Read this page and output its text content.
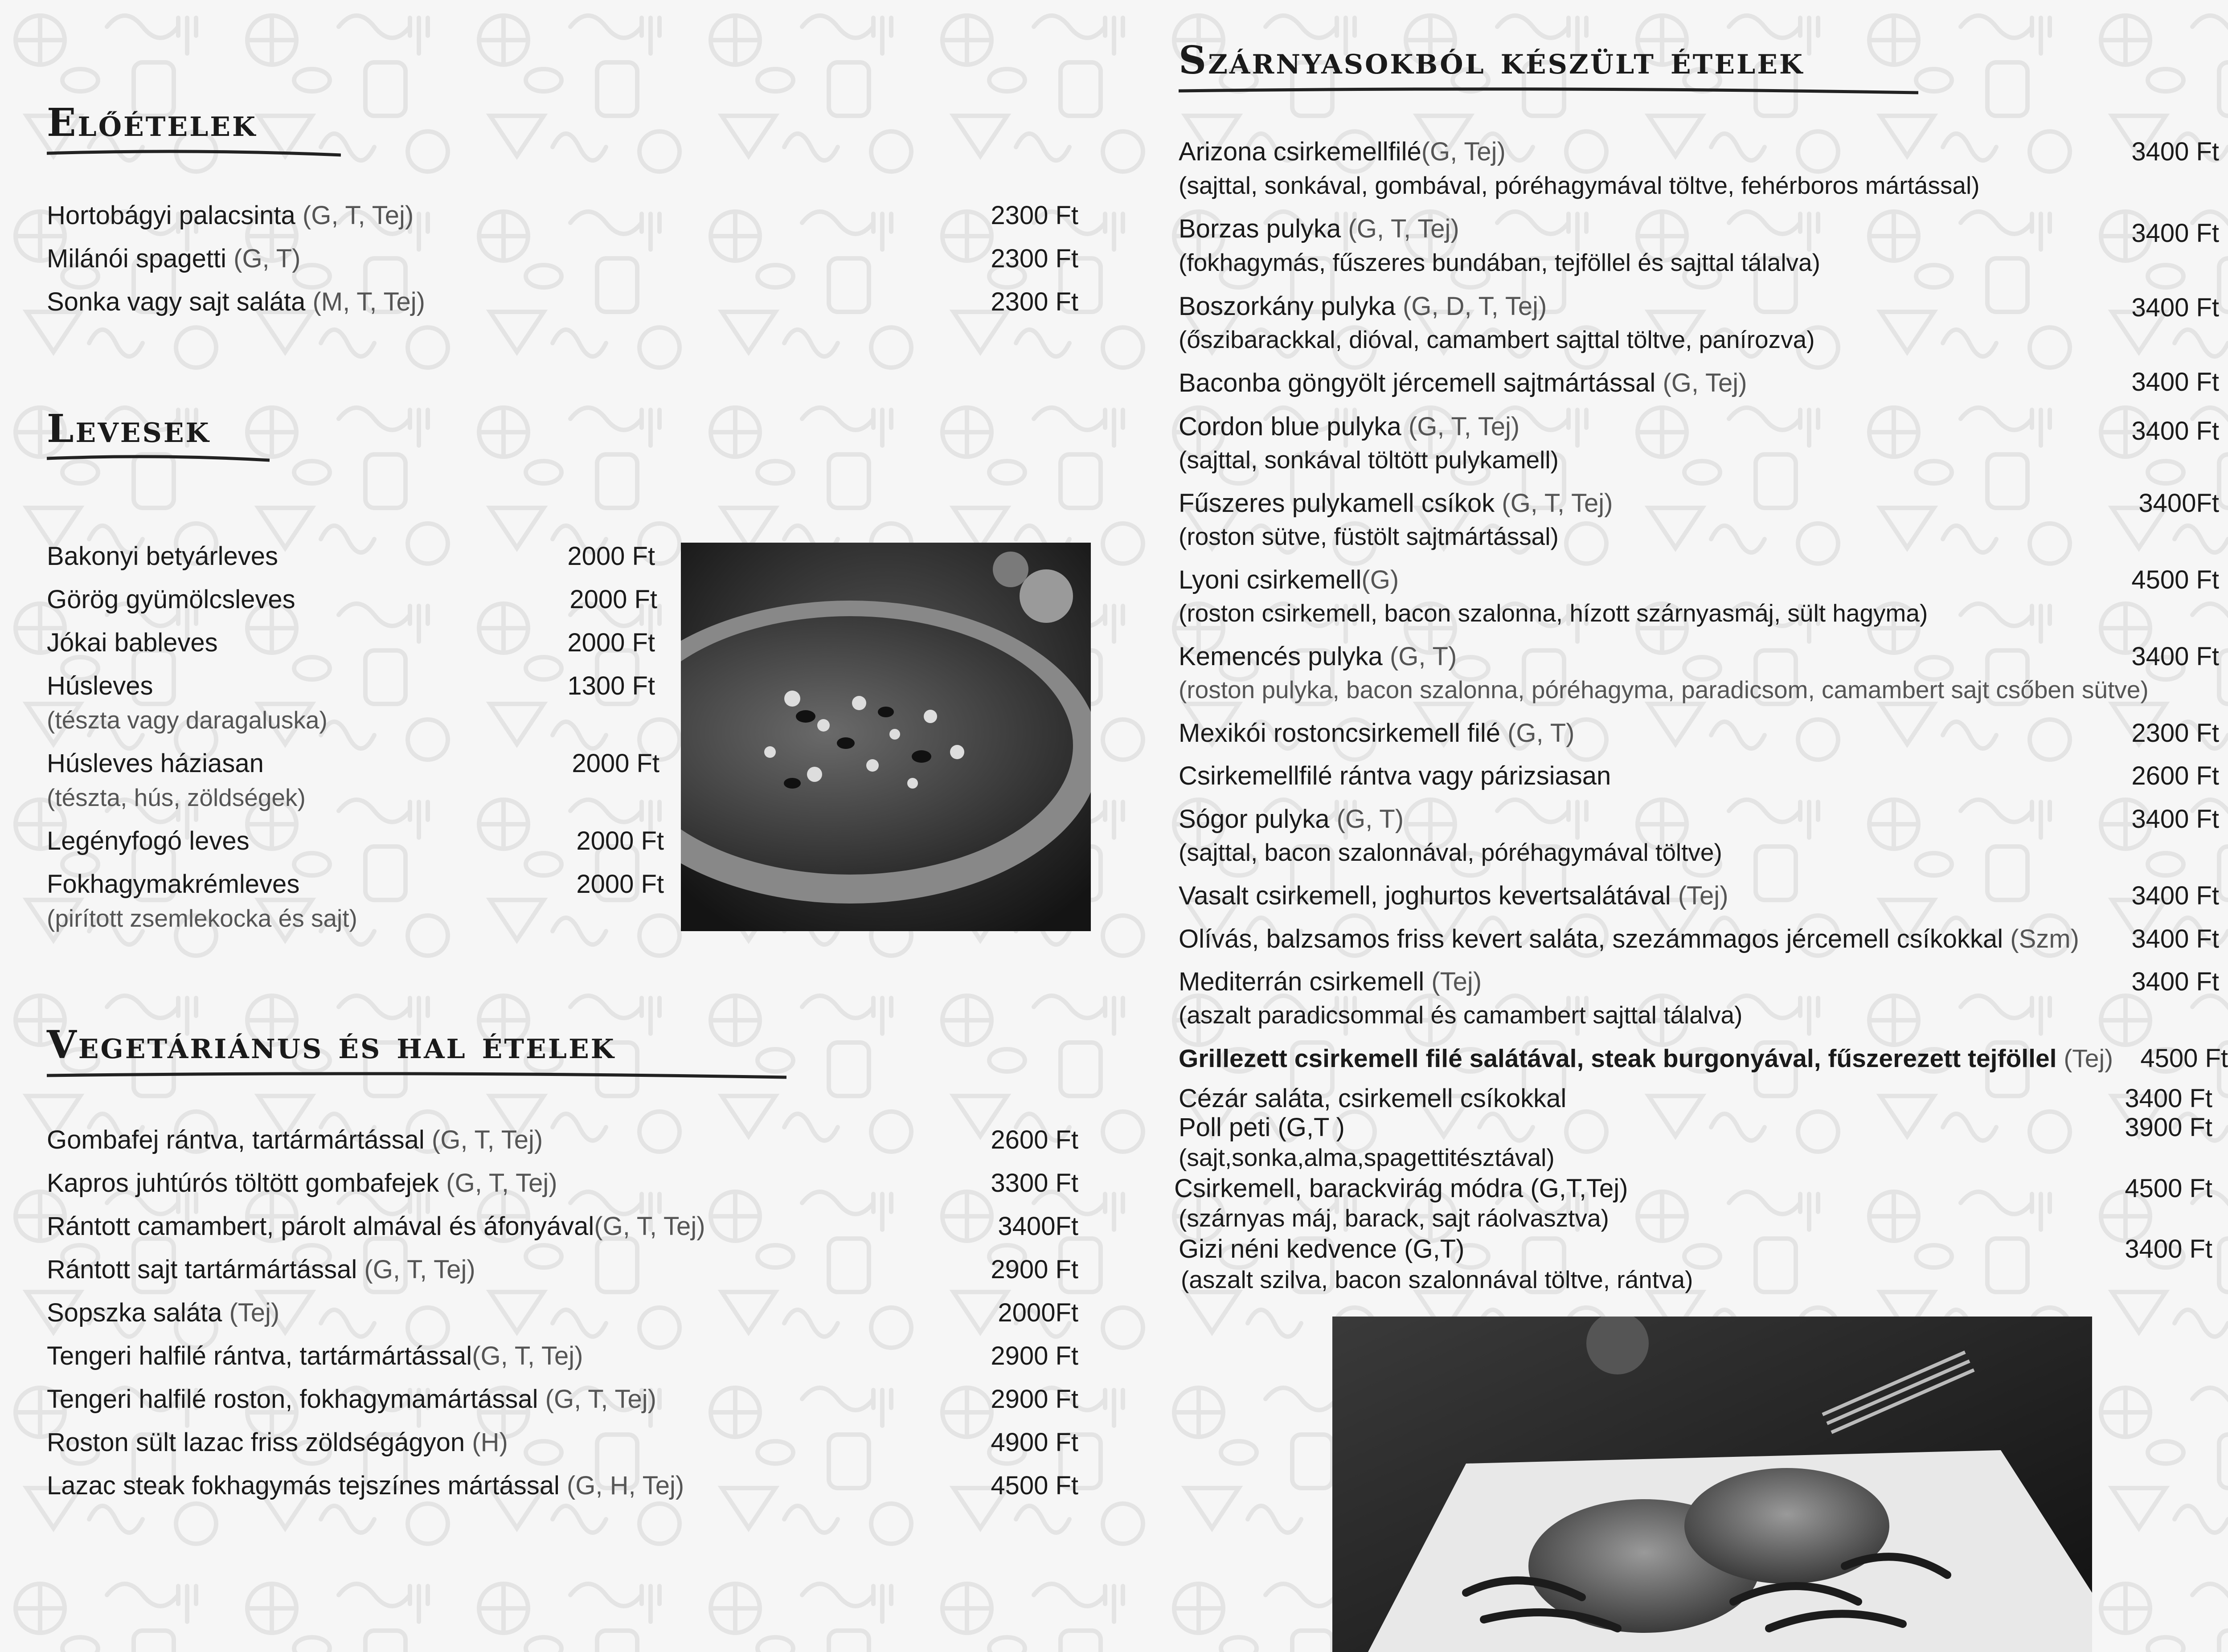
Előételek
Hortobágyi palacsinta (G, T, Tej)	2300 Ft
Milánói spagetti (G, T)	2300 Ft
Sonka vagy sajt saláta (M, T, Tej)	2300 Ft
Levesek
Bakonyi betyárleves	2000 Ft
Görög gyümölcsleves	2000 Ft
Jókai bableves	2000 Ft
Húsleves	1300 Ft
(tészta vagy daragaluska)
Húsleves háziasan	2000 Ft
(tészta, hús, zöldségek)
Legényfogó leves	2000 Ft
Fokhagymakrémleves	2000 Ft
(pirított zsemlekocka és sajt)
Vegetáriánus és hal ételek
Gombafej rántva, tartármártással (G, T, Tej)	2600 Ft
Kapros juhtúrós töltött gombafejek (G, T, Tej)	3300 Ft
Rántott camambert, párolt almával és áfonyával(G, T, Tej)	3400Ft
Rántott sajt tartármártással (G, T, Tej)	2900 Ft
Sopszka saláta (Tej)	2000Ft
Tengeri halfilé rántva, tartármártással(G, T, Tej)	2900 Ft
Tengeri halfilé roston, fokhagymamártással (G, T, Tej)	2900 Ft
Roston sült lazac friss zöldségágyon (H)	4900 Ft
Lazac steak fokhagymás tejszínes mártással (G, H, Tej)	4500 Ft
Szárnyasokból készült ételek
Arizona csirkemellfilé(G, Tej)	3400 Ft
(sajttal, sonkával, gombával, póréhagymával töltve, fehérboros mártással)
Borzas pulyka (G, T, Tej)	3400 Ft
(fokhagymás, fűszeres bundában, tejföllel és sajttal tálalva)
Boszorkány pulyka (G, D, T, Tej)	3400 Ft
(őszibarackkal, dióval, camambert sajttal töltve, panírozva)
Baconba göngyölt jércemell sajtmártással (G, Tej)	3400 Ft
Cordon blue pulyka (G, T, Tej)	3400 Ft
(sajttal, sonkával töltött pulykamell)
Fűszeres pulykamell csíkok (G, T, Tej)	3400Ft
(roston sütve, füstölt sajtmártással)
Lyoni csirkemell(G)	4500 Ft
(roston csirkemell, bacon szalonna, hízott szárnyasmáj, sült hagyma)
Kemencés pulyka (G, T)	3400 Ft
(roston pulyka, bacon szalonna, póréhagyma, paradicsom, camambert sajt csőben sütve)
Mexikói rostoncsirkemell filé (G, T)	2300 Ft
Csirkemellfilé rántva vagy párizsiasan	2600 Ft
Sógor pulyka (G, T)	3400 Ft
(sajttal, bacon szalonnával, póréhagymával töltve)
Vasalt csirkemell, joghurtos kevertsalátával (Tej)	3400 Ft
Olívás, balzsamos friss kevert saláta, szezámmagos jércemell csíkokkal (Szm)	3400 Ft
Mediterrán csirkemell (Tej)	3400 Ft
(aszalt paradicsommal és camambert sajttal tálalva)
Grillezett csirkemell filé salátával, steak burgonyával, fűszerezett tejföllel (Tej)	4500 Ft
Cézár saláta, csirkemell csíkokkal	3400 Ft
Poll peti (G,T )	3900 Ft
(sajt,sonka,alma,spagettitésztával)
Csirkemell, barackvirág módra (G,T,Tej)	4500 Ft
(szárnyas máj, barack, sajt ráolvasztva)
Gizi néni kedvence (G,T)	3400 Ft
(aszalt szilva, bacon szalonnával töltve, rántva)
